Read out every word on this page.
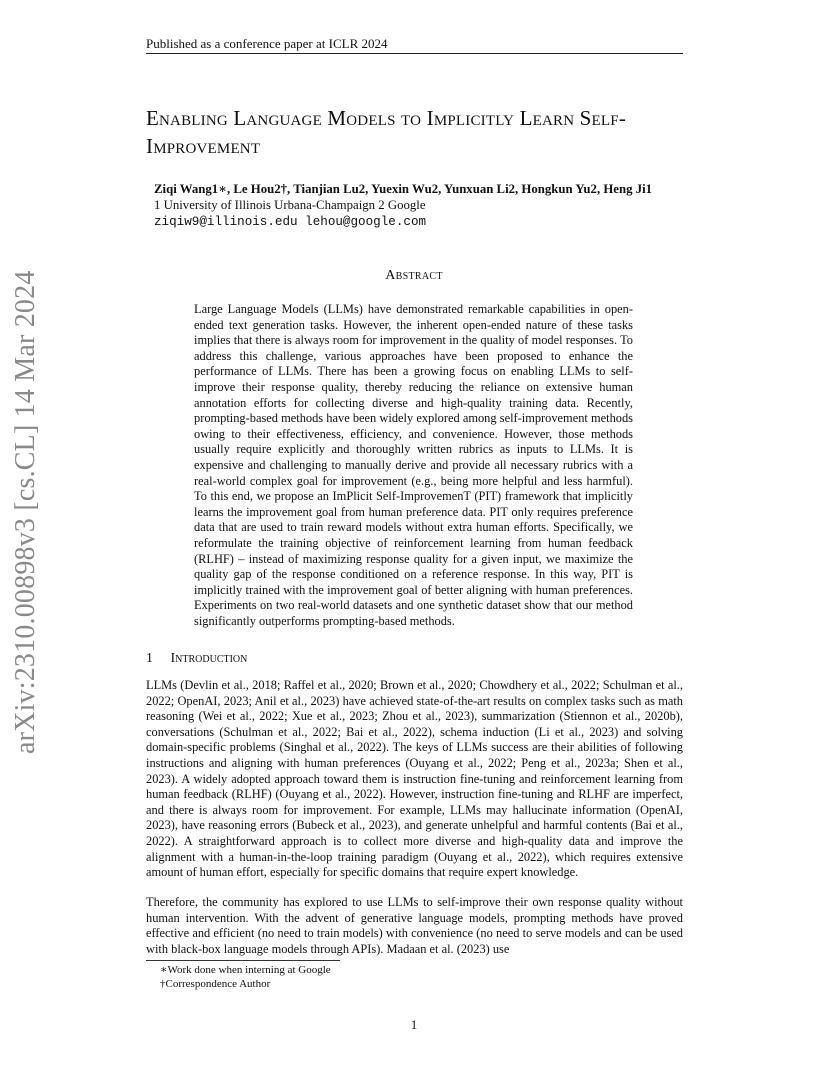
Published as a conference paper at ICLR 2024
Enabling Language Models to Implicitly Learn Self-Improvement
Ziqi Wang1∗, Le Hou2†, Tianjian Lu2, Yuexin Wu2, Yunxuan Li2, Hongkun Yu2, Heng Ji1
1 University of Illinois Urbana-Champaign 2 Google
ziqiw9@illinois.edu lehou@google.com
Abstract
Large Language Models (LLMs) have demonstrated remarkable capabilities in open-ended text generation tasks. However, the inherent open-ended nature of these tasks implies that there is always room for improvement in the quality of model responses. To address this challenge, various approaches have been proposed to enhance the performance of LLMs. There has been a growing focus on enabling LLMs to self-improve their response quality, thereby reducing the reliance on extensive human annotation efforts for collecting diverse and high-quality training data. Recently, prompting-based methods have been widely explored among self-improvement methods owing to their effectiveness, efficiency, and convenience. However, those methods usually require explicitly and thoroughly written rubrics as inputs to LLMs. It is expensive and challenging to manually derive and provide all necessary rubrics with a real-world complex goal for improvement (e.g., being more helpful and less harmful). To this end, we propose an ImPlicit Self-ImprovemenT (PIT) framework that implicitly learns the improvement goal from human preference data. PIT only requires preference data that are used to train reward models without extra human efforts. Specifically, we reformulate the training objective of reinforcement learning from human feedback (RLHF) – instead of maximizing response quality for a given input, we maximize the quality gap of the response conditioned on a reference response. In this way, PIT is implicitly trained with the improvement goal of better aligning with human preferences. Experiments on two real-world datasets and one synthetic dataset show that our method significantly outperforms prompting-based methods.
1 Introduction
LLMs (Devlin et al., 2018; Raffel et al., 2020; Brown et al., 2020; Chowdhery et al., 2022; Schulman et al., 2022; OpenAI, 2023; Anil et al., 2023) have achieved state-of-the-art results on complex tasks such as math reasoning (Wei et al., 2022; Xue et al., 2023; Zhou et al., 2023), summarization (Stiennon et al., 2020b), conversations (Schulman et al., 2022; Bai et al., 2022), schema induction (Li et al., 2023) and solving domain-specific problems (Singhal et al., 2022). The keys of LLMs success are their abilities of following instructions and aligning with human preferences (Ouyang et al., 2022; Peng et al., 2023a; Shen et al., 2023). A widely adopted approach toward them is instruction fine-tuning and reinforcement learning from human feedback (RLHF) (Ouyang et al., 2022). However, instruction fine-tuning and RLHF are imperfect, and there is always room for improvement. For example, LLMs may hallucinate information (OpenAI, 2023), have reasoning errors (Bubeck et al., 2023), and generate unhelpful and harmful contents (Bai et al., 2022). A straightforward approach is to collect more diverse and high-quality data and improve the alignment with a human-in-the-loop training paradigm (Ouyang et al., 2022), which requires extensive amount of human effort, especially for specific domains that require expert knowledge.
Therefore, the community has explored to use LLMs to self-improve their own response quality without human intervention. With the advent of generative language models, prompting methods have proved effective and efficient (no need to train models) with convenience (no need to serve models and can be used with black-box language models through APIs). Madaan et al. (2023) use
∗Work done when interning at Google
†Correspondence Author
1
arXiv:2310.00898v3 [cs.CL] 14 Mar 2024
